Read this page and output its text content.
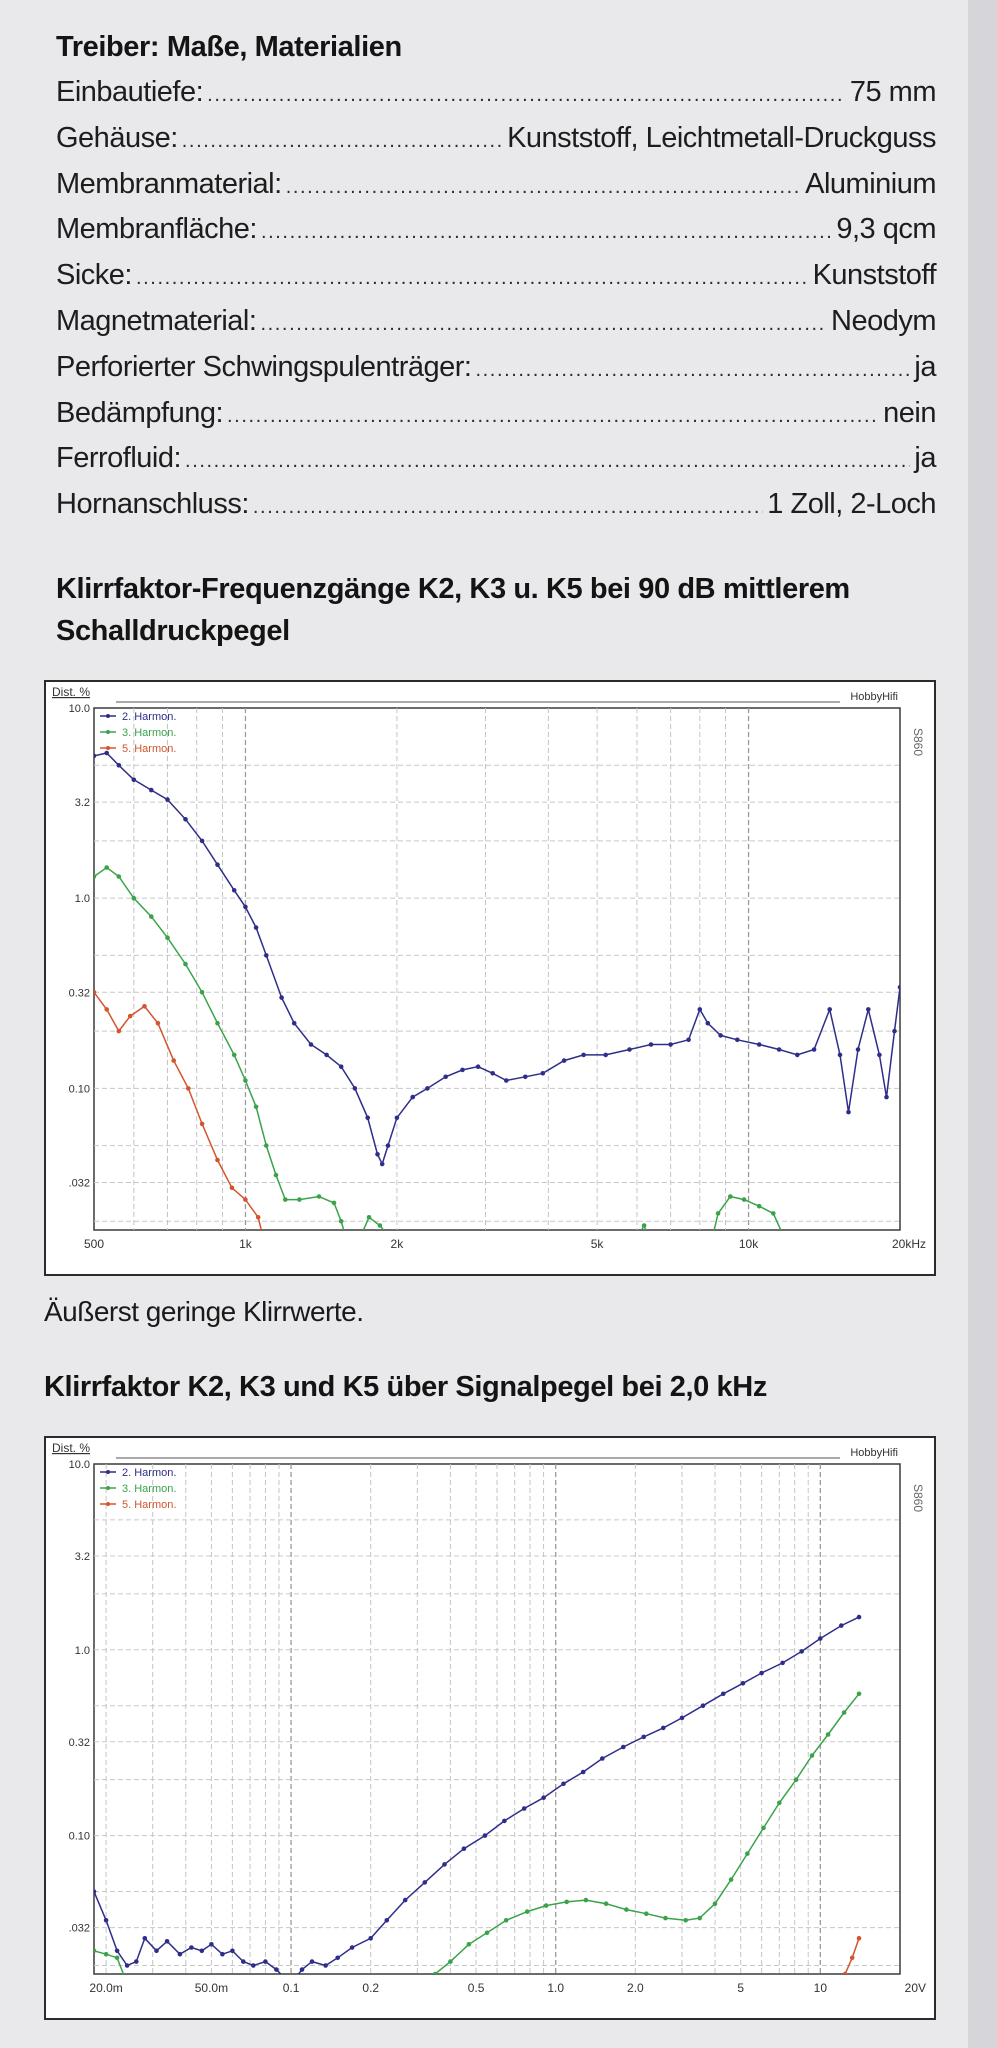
Treiber: Maße, Materialien
Einbautiefe: .....	75 mm
Gehäuse: .....	Kunststoff, Leichtmetall-Druckguss
Membranmaterial: .....	Aluminium
Membranfläche: .....	9,3 qcm
Sicke: .....	Kunststoff
Magnetmaterial: .....	Neodym
Perforierter Schwingspulenträger: .....	ja
Bedämpfung: .....	nein
Ferrofluid: .....	ja
Hornanschluss: .....	1 Zoll, 2-Loch
Klirrfaktor-Frequenzgänge K2, K3 u. K5 bei 90 dB mittlerem
Schalldruckpegel
10.0
3.2
1.0
0.32
0.10
.032
500	1k	2k	5k	10k	20kHz
Dist. %	HobbyHifi
S860
2. Harmon.
3. Harmon.
5. Harmon.
Äußerst geringe Klirrwerte.
Klirrfaktor K2, K3 und K5 über Signalpegel bei 2,0 kHz
10.0
3.2
1.0
0.32
0.10
.032
20.0m	50.0m	0.1	0.2	0.5	1.0	2.0	5	10	20V
Dist. %	HobbyHifi
S860
2. Harmon.
3. Harmon.
5. Harmon.
